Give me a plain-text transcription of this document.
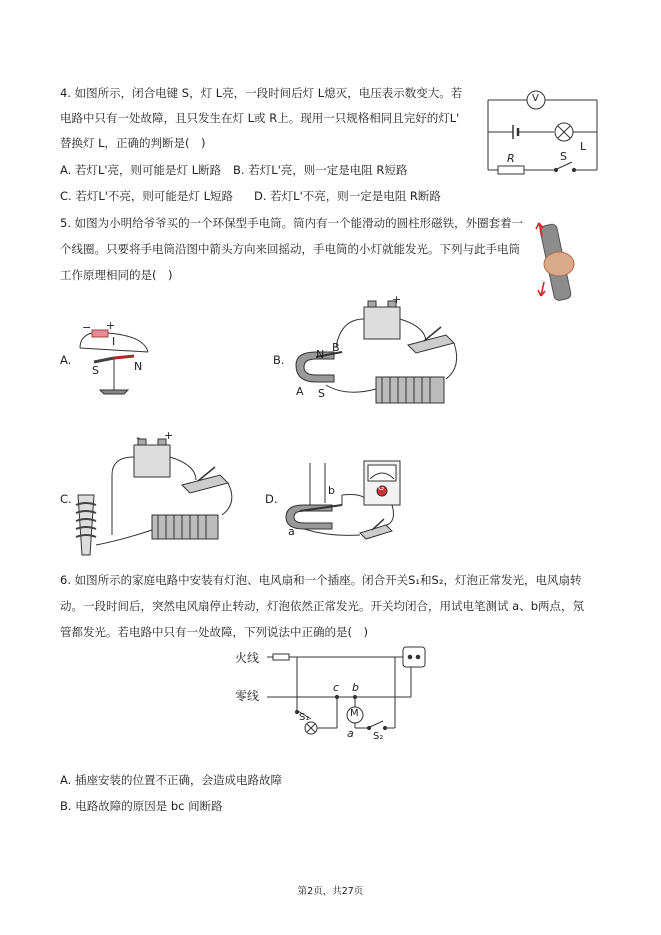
4. 如图所示，闭合电键 S，灯 L亮，一段时间后灯 L熄灭，电压表示数变大。若
电路中只有一处故障，且只发生在灯 L或 R上。现用一只规格相同且完好的灯L'
替换灯 L，正确的判断是(　)
A. 若灯L'亮，则可能是灯 L断路 B. 若灯L'亮，则一定是电阻 R短路
C. 若灯L'不亮，则可能是灯 L短路 D. 若灯L'不亮，则一定是电阻 R断路
V
L
R	S
5. 如图为小明给爷爷买的一个环保型手电筒。筒内有一个能滑动的圆柱形磁铁，外圈套着一
个线圈。只要将手电筒沿图中箭头方向来回摇动，手电筒的小灯就能发光。下列与此手电筒
工作原理相同的是(　)
A.
− +
I
S	N	B.	N
B
A S
+
C.
- +
D.
b
a
G
6. 如图所示的家庭电路中安装有灯泡、电风扇和一个插座。闭合开关S₁和S₂，灯泡正常发光，电风扇转
动。一段时间后，突然电风扇停止转动，灯泡依然正常发光。开关均闭合，用试电笔测试 a、b两点，氖
管都发光。若电路中只有一处故障，下列说法中正确的是(　)
火线
零线
c b
a
S₁
S₂
M
A. 插座安装的位置不正确，会造成电路故障
B. 电路故障的原因是 bc 间断路
第2页，共27页
